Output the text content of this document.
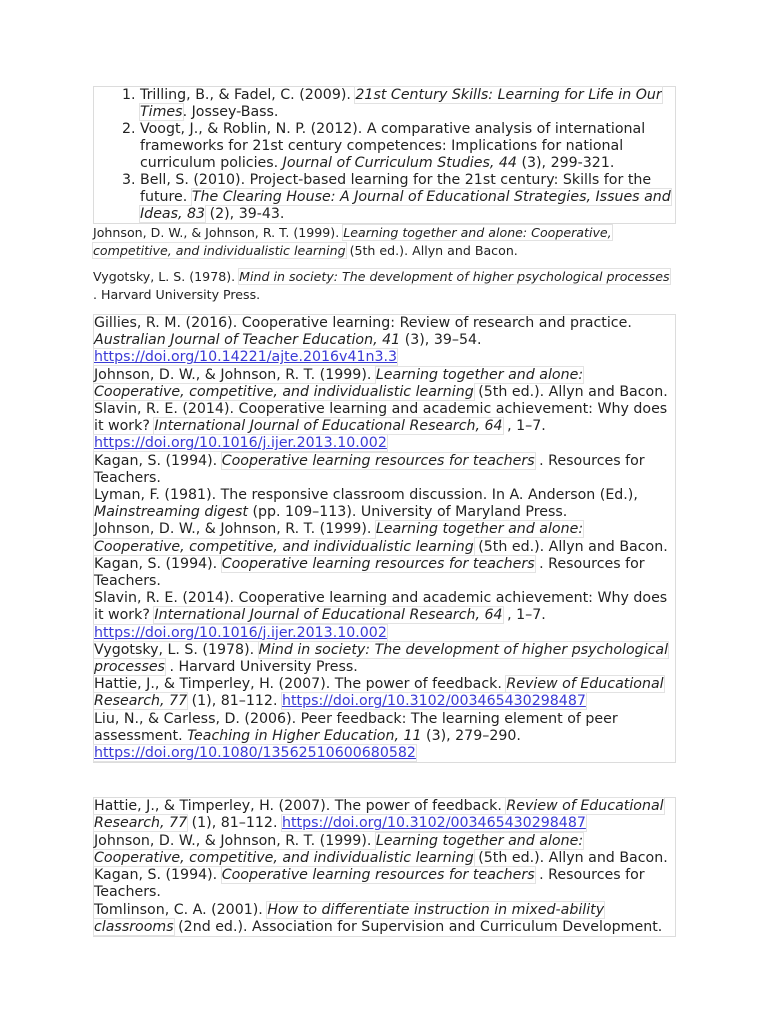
1. Trilling, B., & Fadel, C. (2009). 21st Century Skills: Learning for Life in Our Times. Jossey-Bass.
2. Voogt, J., & Roblin, N. P. (2012). A comparative analysis of international frameworks for 21st century competences: Implications for national curriculum policies. Journal of Curriculum Studies, 44 (3), 299-321.
3. Bell, S. (2010). Project-based learning for the 21st century: Skills for the future. The Clearing House: A Journal of Educational Strategies, Issues and Ideas, 83 (2), 39-43.

Johnson, D. W., & Johnson, R. T. (1999). Learning together and alone: Cooperative, competitive, and individualistic learning (5th ed.). Allyn and Bacon.

Vygotsky, L. S. (1978). Mind in society: The development of higher psychological processes . Harvard University Press.

Gillies, R. M. (2016). Cooperative learning: Review of research and practice. Australian Journal of Teacher Education, 41 (3), 39–54.
https://doi.org/10.14221/ajte.2016v41n3.3

Johnson, D. W., & Johnson, R. T. (1999). Learning together and alone: Cooperative, competitive, and individualistic learning (5th ed.). Allyn and Bacon.

Slavin, R. E. (2014). Cooperative learning and academic achievement: Why does it work? International Journal of Educational Research, 64 , 1–7.
https://doi.org/10.1016/j.ijer.2013.10.002

Kagan, S. (1994). Cooperative learning resources for teachers . Resources for Teachers.

Lyman, F. (1981). The responsive classroom discussion. In A. Anderson (Ed.), Mainstreaming digest (pp. 109–113). University of Maryland Press.

Johnson, D. W., & Johnson, R. T. (1999). Learning together and alone: Cooperative, competitive, and individualistic learning (5th ed.). Allyn and Bacon.

Kagan, S. (1994). Cooperative learning resources for teachers . Resources for Teachers.

Slavin, R. E. (2014). Cooperative learning and academic achievement: Why does it work? International Journal of Educational Research, 64 , 1–7.
https://doi.org/10.1016/j.ijer.2013.10.002

Vygotsky, L. S. (1978). Mind in society: The development of higher psychological processes . Harvard University Press.

Hattie, J., & Timperley, H. (2007). The power of feedback. Review of Educational Research, 77 (1), 81–112. https://doi.org/10.3102/003465430298487

Liu, N., & Carless, D. (2006). Peer feedback: The learning element of peer assessment. Teaching in Higher Education, 11 (3), 279–290.
https://doi.org/10.1080/13562510600680582

Hattie, J., & Timperley, H. (2007). The power of feedback. Review of Educational Research, 77 (1), 81–112. https://doi.org/10.3102/003465430298487

Johnson, D. W., & Johnson, R. T. (1999). Learning together and alone: Cooperative, competitive, and individualistic learning (5th ed.). Allyn and Bacon.

Kagan, S. (1994). Cooperative learning resources for teachers . Resources for Teachers.

Tomlinson, C. A. (2001). How to differentiate instruction in mixed-ability classrooms (2nd ed.). Association for Supervision and Curriculum Development.
